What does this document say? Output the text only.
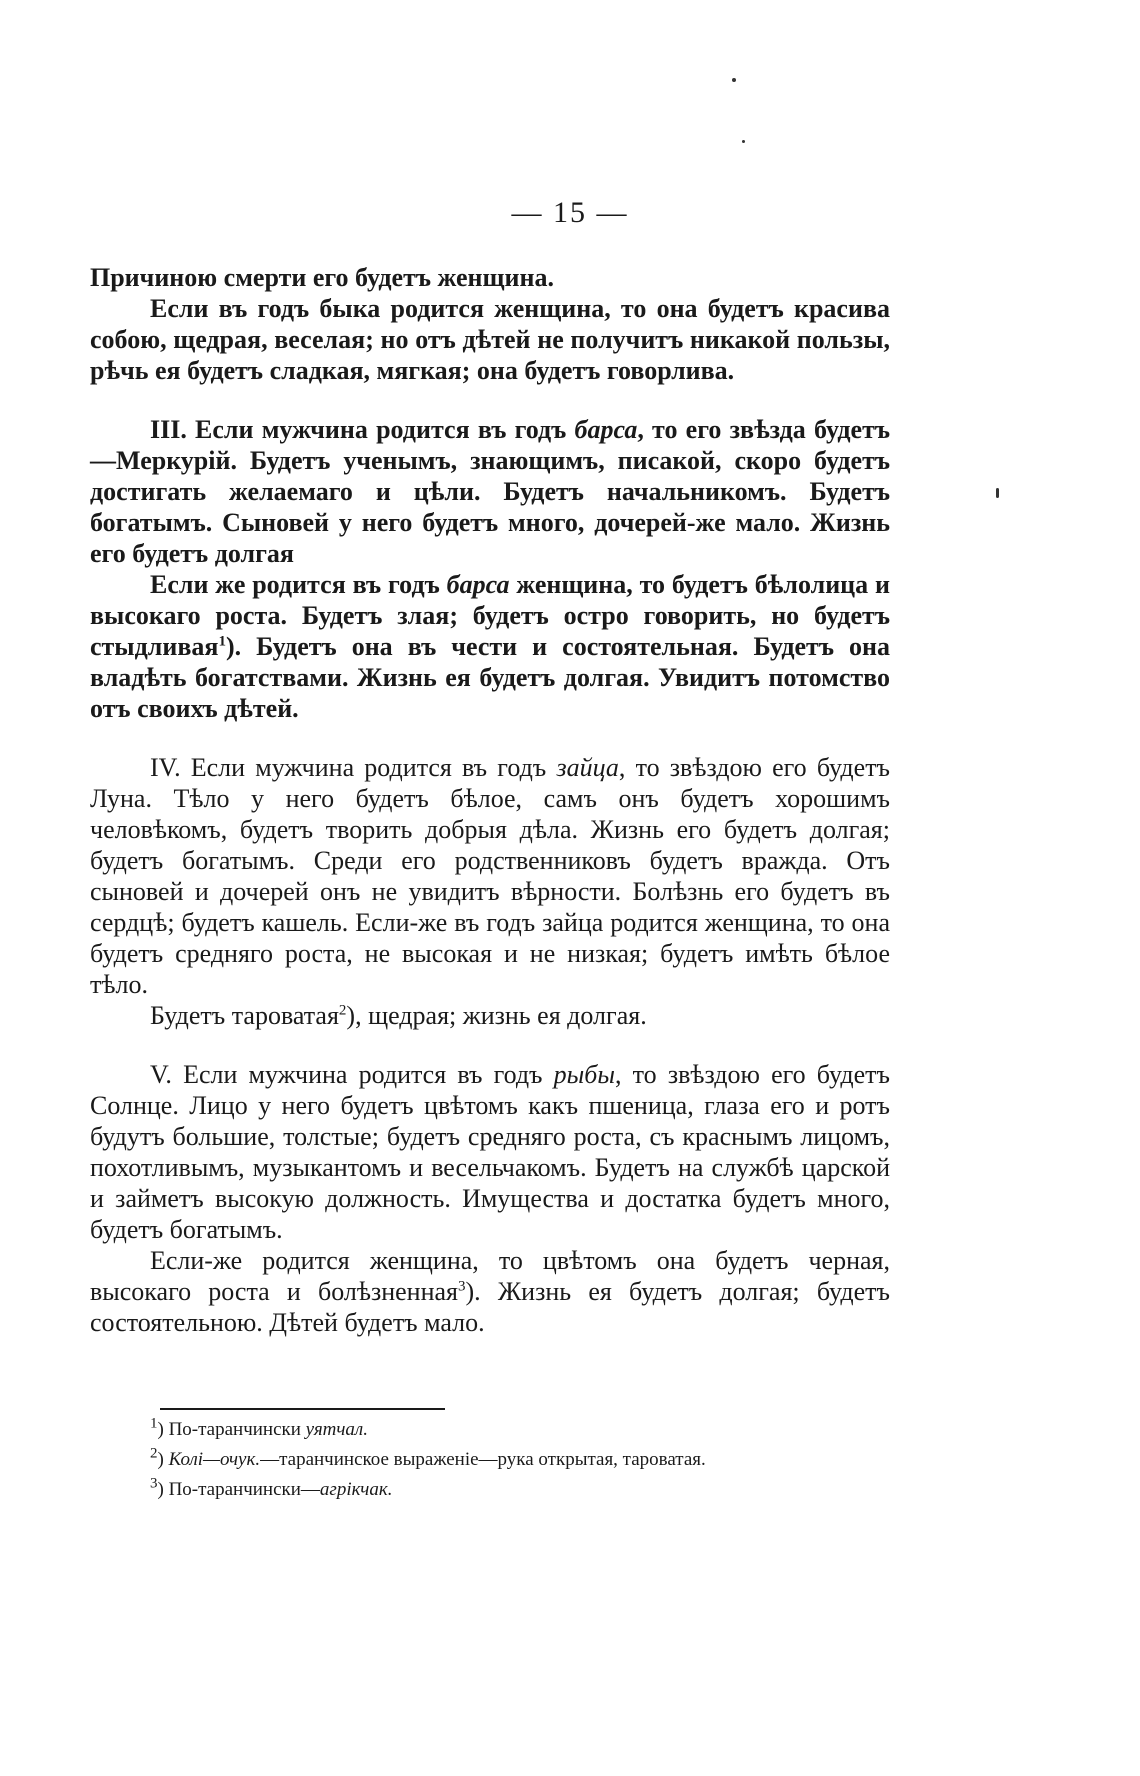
— 15 —

Причиною смерти его будетъ женщина.

Если въ годъ быка родится женщина, то она будетъ красива собою, щедрая, веселая; но отъ дѣтей не получитъ никакой пользы, рѣчь ея будетъ сладкая, мягкая; она будетъ говорлива.

III. Если мужчина родится въ годъ барса, то его звѣзда будетъ—Меркурій. Будетъ ученымъ, знающимъ, писакой, скоро будетъ достигать желаемаго и цѣли. Будетъ начальникомъ. Будетъ богатымъ. Сыновей у него будетъ много, дочерей-же мало. Жизнь его будетъ долгая

Если же родится въ годъ барса женщина, то будетъ бѣлолица и высокаго роста. Будетъ злая; будетъ остро говорить, но будетъ стыдливая$^1$). Будетъ она въ чести и состоятельная. Будетъ она владѣть богатствами. Жизнь ея будетъ долгая. Увидитъ потомство отъ своихъ дѣтей.

IV. Если мужчина родится въ годъ зайца, то звѣздою его будетъ Луна. Тѣло у него будетъ бѣлое, самъ онъ будетъ хорошимъ человѣкомъ, будетъ творить добрыя дѣла. Жизнь его будетъ долгая; будетъ богатымъ. Среди его родственниковъ будетъ вражда. Отъ сыновей и дочерей онъ не увидитъ вѣрности. Болѣзнь его будетъ въ сердцѣ; будетъ кашель. Если-же въ годъ зайца родится женщина, то она будетъ средняго роста, не высокая и не низкая; будетъ имѣть бѣлое тѣло.

Будетъ тароватая$^2$), щедрая; жизнь ея долгая.

V. Если мужчина родится въ годъ рыбы, то звѣздою его будетъ Солнце. Лицо у него будетъ цвѣтомъ какъ пшеница, глаза его и ротъ будутъ большие, толстые; будетъ средняго роста, съ краснымъ лицомъ, похотливымъ, музыкантомъ и весельчакомъ. Будетъ на службѣ царской и займетъ высокую должность. Имущества и достатка будетъ много, будетъ богатымъ.

Если-же родится женщина, то цвѣтомъ она будетъ черная, высокаго роста и болѣзненная$^3$). Жизнь ея будетъ долгая; будетъ состоятельною. Дѣтей будетъ мало.

$^1$) По-таранчински уятчал.

$^2$) Колі—очук.—таранчинское выраженіе—рука открытая, тароватая.

$^3$) По-таранчински—агрікчак.
